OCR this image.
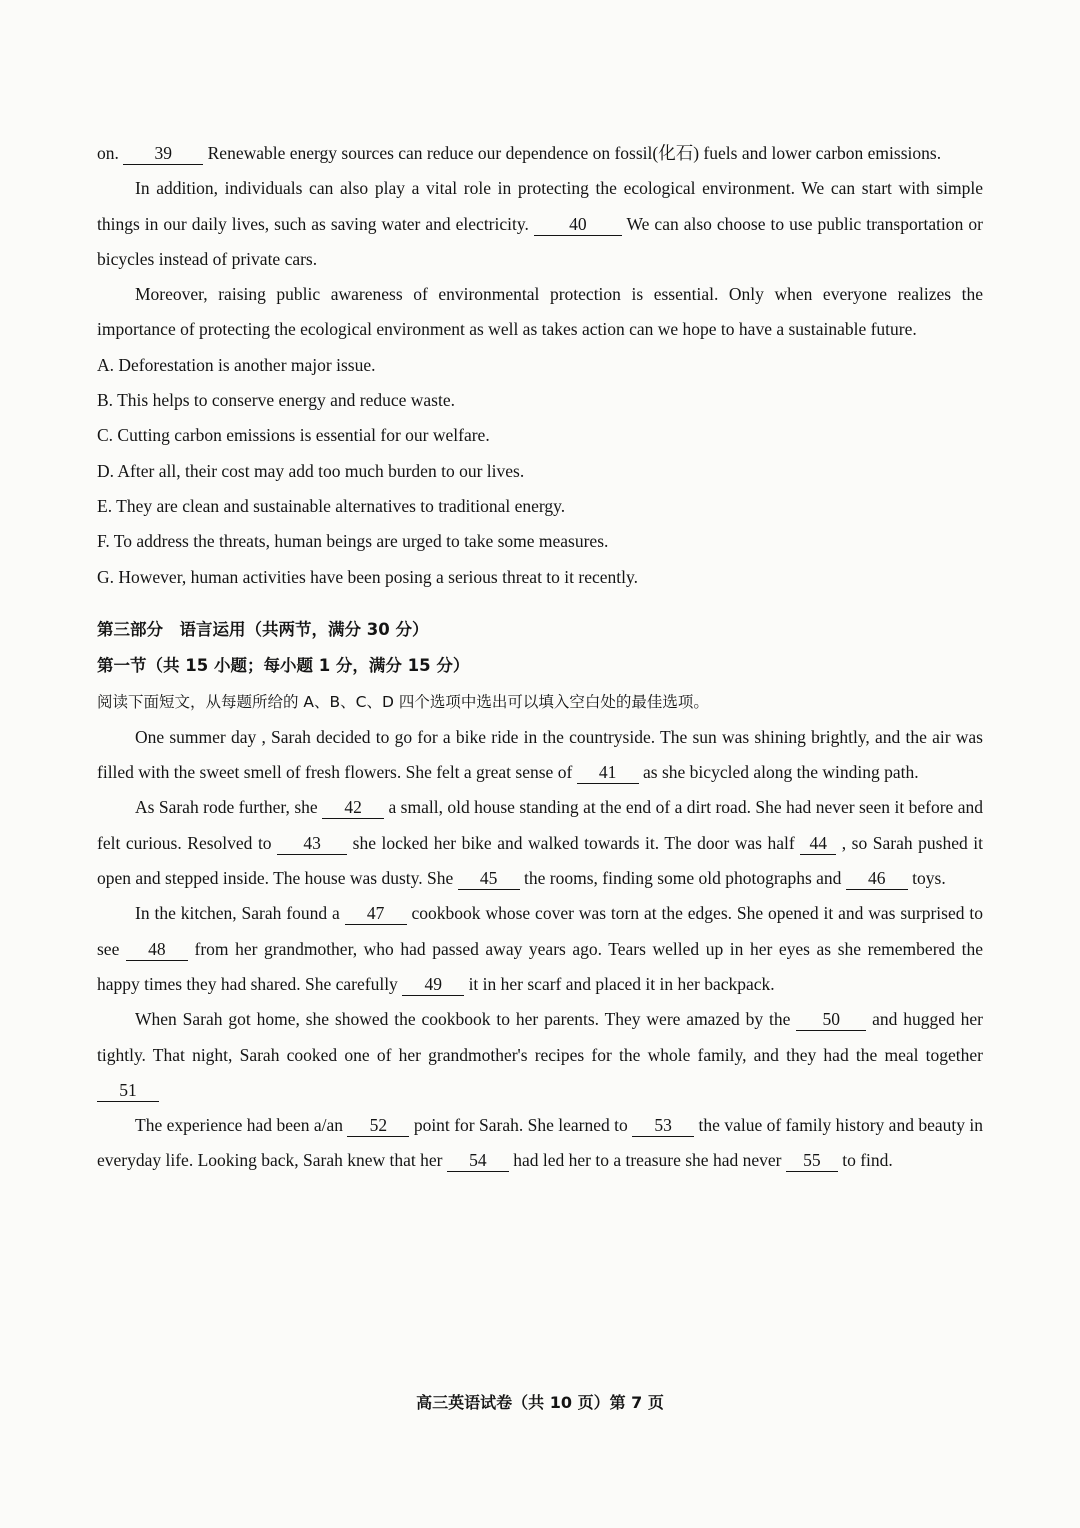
on. 39 Renewable energy sources can reduce our dependence on fossil(化石) fuels and lower carbon emissions.

In addition, individuals can also play a vital role in protecting the ecological environment. We can start with simple things in our daily lives, such as saving water and electricity. 40 We can also choose to use public transportation or bicycles instead of private cars.

Moreover, raising public awareness of environmental protection is essential. Only when everyone realizes the importance of protecting the ecological environment as well as takes action can we hope to have a sustainable future.

A. Deforestation is another major issue.

B. This helps to conserve energy and reduce waste.

C. Cutting carbon emissions is essential for our welfare.

D. After all, their cost may add too much burden to our lives.

E. They are clean and sustainable alternatives to traditional energy.

F. To address the threats, human beings are urged to take some measures.

G. However, human activities have been posing a serious threat to it recently.

第三部分　语言运用（共两节，满分 30 分）

第一节（共 15 小题；每小题 1 分，满分 15 分）

阅读下面短文，从每题所给的 A、B、C、D 四个选项中选出可以填入空白处的最佳选项。

One summer day , Sarah decided to go for a bike ride in the countryside. The sun was shining brightly, and the air was filled with the sweet smell of fresh flowers. She felt a great sense of 41 as she bicycled along the winding path.

As Sarah rode further, she 42 a small, old house standing at the end of a dirt road. She had never seen it before and felt curious. Resolved to 43 she locked her bike and walked towards it. The door was half 44 , so Sarah pushed it open and stepped inside. The house was dusty. She 45 the rooms, finding some old photographs and 46 toys.

In the kitchen, Sarah found a 47 cookbook whose cover was torn at the edges. She opened it and was surprised to see 48 from her grandmother, who had passed away years ago. Tears welled up in her eyes as she remembered the happy times they had shared. She carefully 49 it in her scarf and placed it in her backpack.

When Sarah got home, she showed the cookbook to her parents. They were amazed by the 50 and hugged her tightly. That night, Sarah cooked one of her grandmother's recipes for the whole family, and they had the meal together 51

The experience had been a/an 52 point for Sarah. She learned to 53 the value of family history and beauty in everyday life. Looking back, Sarah knew that her 54 had led her to a treasure she had never 55 to find.

高三英语试卷（共 10 页）第 7 页
